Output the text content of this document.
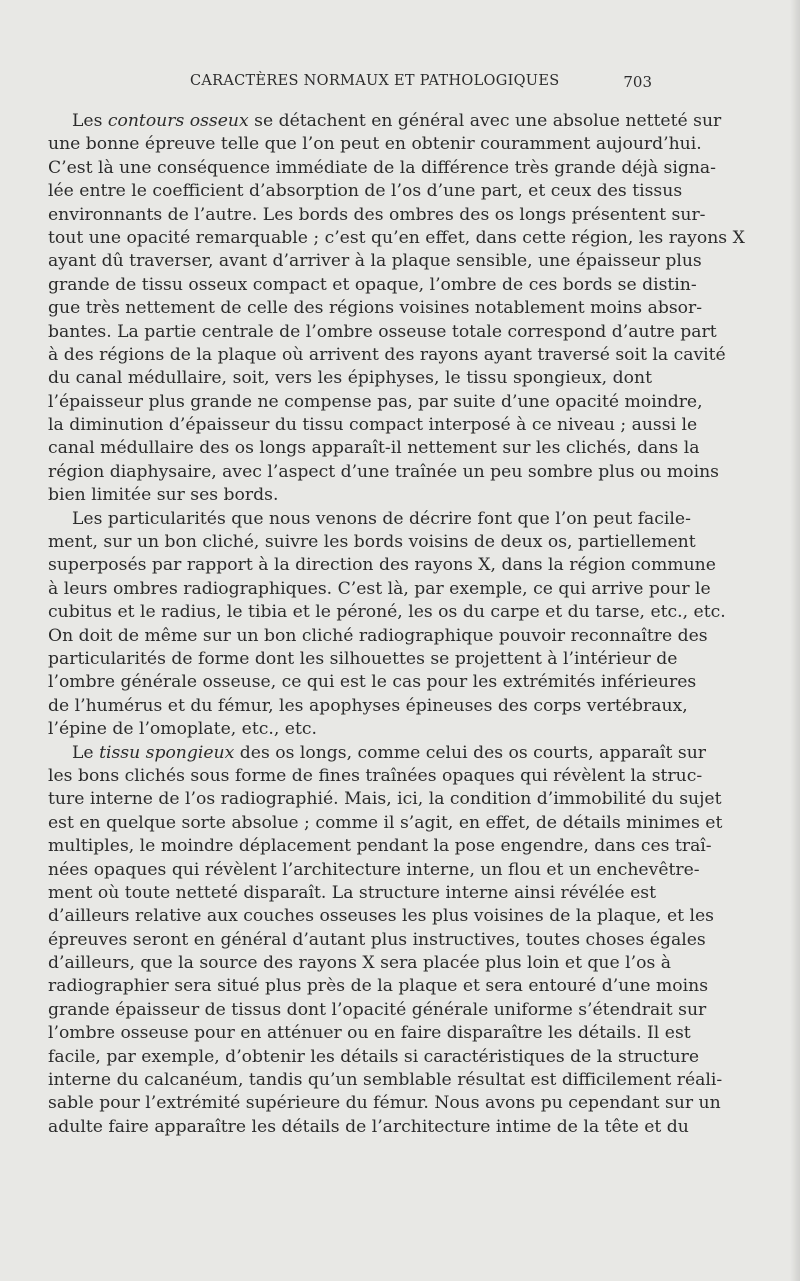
CARACTÈRES NORMAUX ET PATHOLOGIQUES	703
Les contours osseux se détachent en général avec une absolue netteté sur
une bonne épreuve telle que l’on peut en obtenir couramment aujourd’hui.
C’est là une conséquence immédiate de la différence très grande déjà signa-
lée entre le coefficient d’absorption de l’os d’une part, et ceux des tissus
environnants de l’autre. Les bords des ombres des os longs présentent sur-
tout une opacité remarquable ; c’est qu’en effet, dans cette région, les rayons X
ayant dû traverser, avant d’arriver à la plaque sensible, une épaisseur plus
grande de tissu osseux compact et opaque, l’ombre de ces bords se distin-
gue très nettement de celle des régions voisines notablement moins absor-
bantes. La partie centrale de l’ombre osseuse totale correspond d’autre part
à des régions de la plaque où arrivent des rayons ayant traversé soit la cavité
du canal médullaire, soit, vers les épiphyses, le tissu spongieux, dont
l’épaisseur plus grande ne compense pas, par suite d’une opacité moindre,
la diminution d’épaisseur du tissu compact interposé à ce niveau ; aussi le
canal médullaire des os longs apparaît-il nettement sur les clichés, dans la
région diaphysaire, avec l’aspect d’une traînée un peu sombre plus ou moins
bien limitée sur ses bords.
Les particularités que nous venons de décrire font que l’on peut facile-
ment, sur un bon cliché, suivre les bords voisins de deux os, partiellement
superposés par rapport à la direction des rayons X, dans la région commune
à leurs ombres radiographiques. C’est là, par exemple, ce qui arrive pour le
cubitus et le radius, le tibia et le péroné, les os du carpe et du tarse, etc., etc.
On doit de même sur un bon cliché radiographique pouvoir reconnaître des
particularités de forme dont les silhouettes se projettent à l’intérieur de
l’ombre générale osseuse, ce qui est le cas pour les extrémités inférieures
de l’humérus et du fémur, les apophyses épineuses des corps vertébraux,
l’épine de l’omoplate, etc., etc.
Le tissu spongieux des os longs, comme celui des os courts, apparaît sur
les bons clichés sous forme de fines traînées opaques qui révèlent la struc-
ture interne de l’os radiographié. Mais, ici, la condition d’immobilité du sujet
est en quelque sorte absolue ; comme il s’agit, en effet, de détails minimes et
multiples, le moindre déplacement pendant la pose engendre, dans ces traî-
nées opaques qui révèlent l’architecture interne, un flou et un enchevêtre-
ment où toute netteté disparaît. La structure interne ainsi révélée est
d’ailleurs relative aux couches osseuses les plus voisines de la plaque, et les
épreuves seront en général d’autant plus instructives, toutes choses égales
d’ailleurs, que la source des rayons X sera placée plus loin et que l’os à
radiographier sera situé plus près de la plaque et sera entouré d’une moins
grande épaisseur de tissus dont l’opacité générale uniforme s’étendrait sur
l’ombre osseuse pour en atténuer ou en faire disparaître les détails. Il est
facile, par exemple, d’obtenir les détails si caractéristiques de la structure
interne du calcanéum, tandis qu’un semblable résultat est difficilement réali-
sable pour l’extrémité supérieure du fémur. Nous avons pu cependant sur un
adulte faire apparaître les détails de l’architecture intime de la tête et du
